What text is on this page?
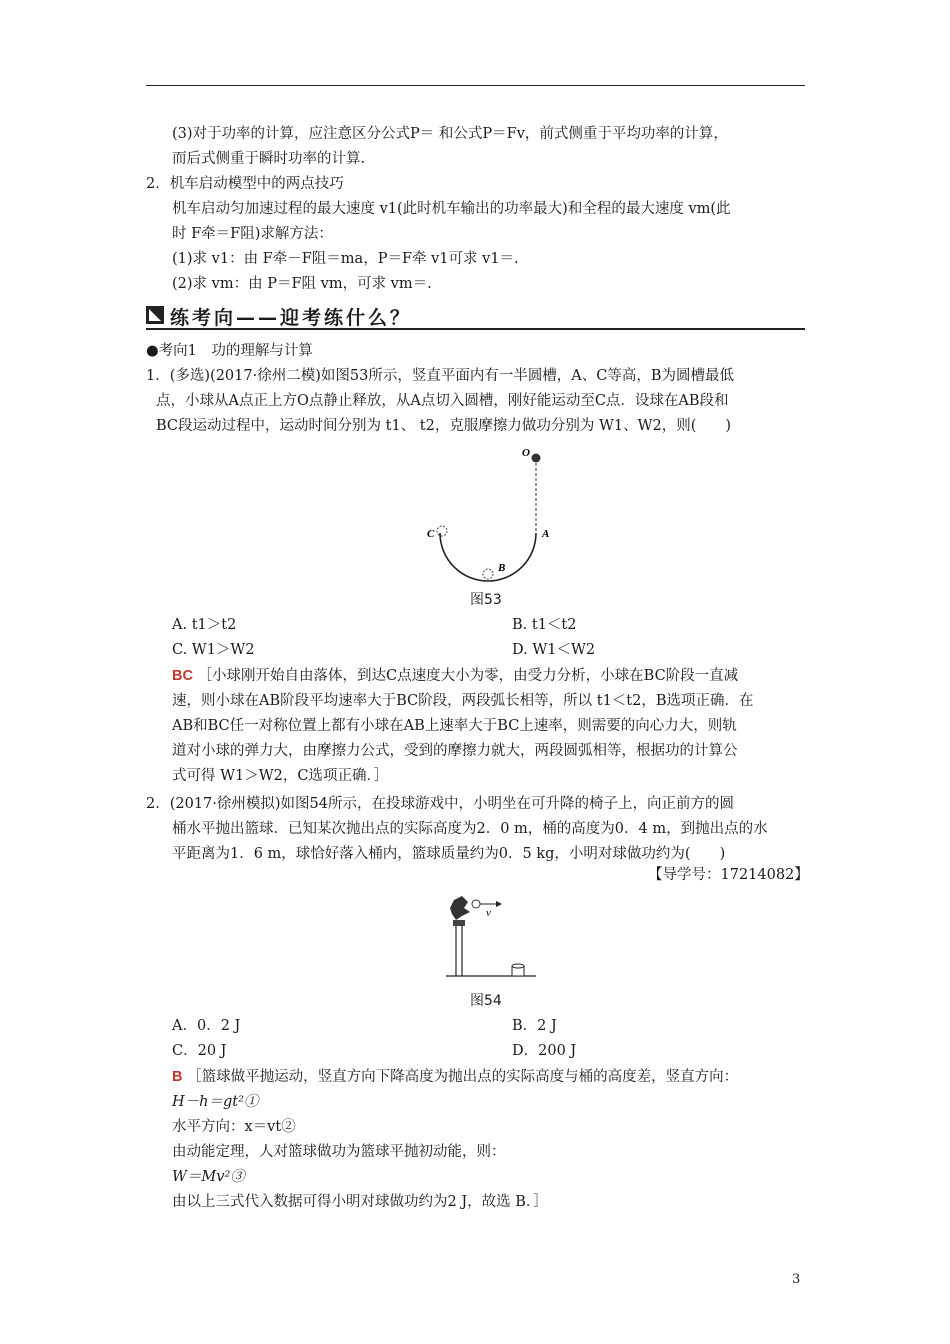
(3)对于功率的计算，应注意区分公式P＝ 和公式P＝Fv，前式侧重于平均功率的计算，
而后式侧重于瞬时功率的计算.
2．机车启动模型中的两点技巧
机车启动匀加速过程的最大速度 v1(此时机车输出的功率最大)和全程的最大速度 vm(此
时 F牵＝F阻)求解方法：
(1)求 v1：由 F牵－F阻＝ma，P＝F牵 v1可求 v1＝.
(2)求 vm：由 P＝F阻 vm，可求 vm＝.
练考向——迎考练什么？
●考向1　功的理解与计算
1．(多选)(2017·徐州二模)如图53所示，竖直平面内有一半圆槽，A、C等高，B为圆槽最低
点，小球从A点正上方O点静止释放，从A点切入圆槽，刚好能运动至C点．设球在AB段和
BC段运动过程中，运动时间分别为 t1、 t2，克服摩擦力做功分别为 W1、W2，则(　　)
O
A
B
C
图53
A. t1＞t2	B. t1＜t2
C. W1＞W2	D. W1＜W2
BC ［小球刚开始自由落体，到达C点速度大小为零，由受力分析，小球在BC阶段一直减
速，则小球在AB阶段平均速率大于BC阶段，两段弧长相等，所以 t1＜t2，B选项正确．在
AB和BC任一对称位置上都有小球在AB上速率大于BC上速率，则需要的向心力大，则轨
道对小球的弹力大，由摩擦力公式，受到的摩擦力就大，两段圆弧相等，根据功的计算公
式可得 W1＞W2，C选项正确．］
2．(2017·徐州模拟)如图54所示，在投球游戏中，小明坐在可升降的椅子上，向正前方的圆
桶水平抛出篮球．已知某次抛出点的实际高度为2．0 m，桶的高度为0．4 m，到抛出点的水
平距离为1．6 m，球恰好落入桶内，篮球质量约为0．5 kg，小明对球做功约为(　　)
【导学号：17214082】
v
图54
A．0．2 J	B．2 J
C．20 J	D．200 J
B ［篮球做平抛运动，竖直方向下降高度为抛出点的实际高度与桶的高度差，竖直方向：
H－h＝gt²①
水平方向：x＝vt②
由动能定理，人对篮球做功为篮球平抛初动能，则：
W＝Mv²③
由以上三式代入数据可得小明对球做功约为2 J，故选 B．］
3
